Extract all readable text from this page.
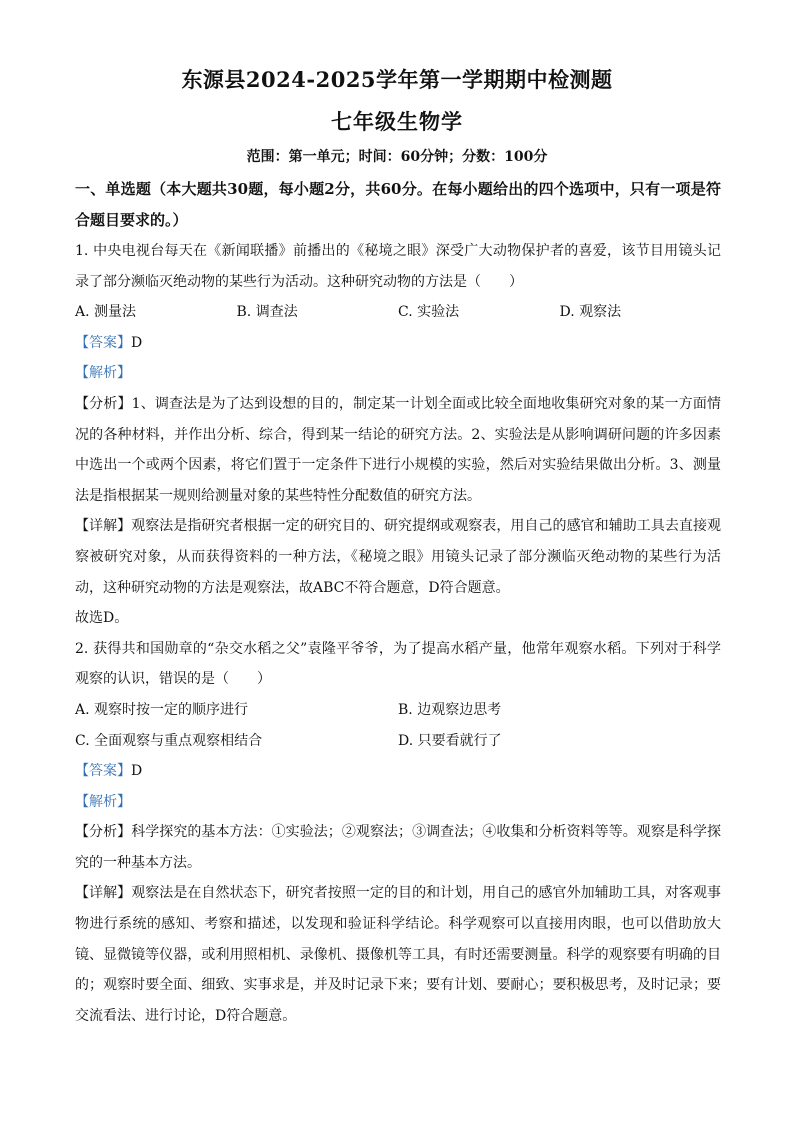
东源县2024-2025学年第一学期期中检测题
七年级生物学
范围：第一单元；时间：60分钟；分数：100分

一、单选题（本大题共30题，每小题2分，共60分。在每小题给出的四个选项中，只有一项是符合题目要求的。）

1. 中央电视台每天在《新闻联播》前播出的《秘境之眼》深受广大动物保护者的喜爱，该节目用镜头记录了部分濒临灭绝动物的某些行为活动。这种研究动物的方法是（　　）

A. 测量法	B. 调查法	C. 实验法	D. 观察法

【答案】D

【解析】

【分析】1、调查法是为了达到设想的目的，制定某一计划全面或比较全面地收集研究对象的某一方面情况的各种材料，并作出分析、综合，得到某一结论的研究方法。2、实验法是从影响调研问题的许多因素中选出一个或两个因素，将它们置于一定条件下进行小规模的实验，然后对实验结果做出分析。3、测量法是指根据某一规则给测量对象的某些特性分配数值的研究方法。

【详解】观察法是指研究者根据一定的研究目的、研究提纲或观察表，用自己的感官和辅助工具去直接观察被研究对象，从而获得资料的一种方法，《秘境之眼》用镜头记录了部分濒临灭绝动物的某些行为活动，这种研究动物的方法是观察法，故ABC不符合题意，D符合题意。

故选D。

2. 获得共和国勋章的“杂交水稻之父”袁隆平爷爷，为了提高水稻产量，他常年观察水稻。下列对于科学观察的认识，错误的是（　　）

A. 观察时按一定的顺序进行	B. 边观察边思考
C. 全面观察与重点观察相结合	D. 只要看就行了

【答案】D

【解析】

【分析】科学探究的基本方法：①实验法；②观察法；③调查法；④收集和分析资料等等。观察是科学探究的一种基本方法。

【详解】观察法是在自然状态下，研究者按照一定的目的和计划，用自己的感官外加辅助工具，对客观事物进行系统的感知、考察和描述，以发现和验证科学结论。科学观察可以直接用肉眼，也可以借助放大镜、显微镜等仪器，或利用照相机、录像机、摄像机等工具，有时还需要测量。科学的观察要有明确的目的；观察时要全面、细致、实事求是，并及时记录下来；要有计划、要耐心；要积极思考，及时记录；要交流看法、进行讨论，D符合题意。
